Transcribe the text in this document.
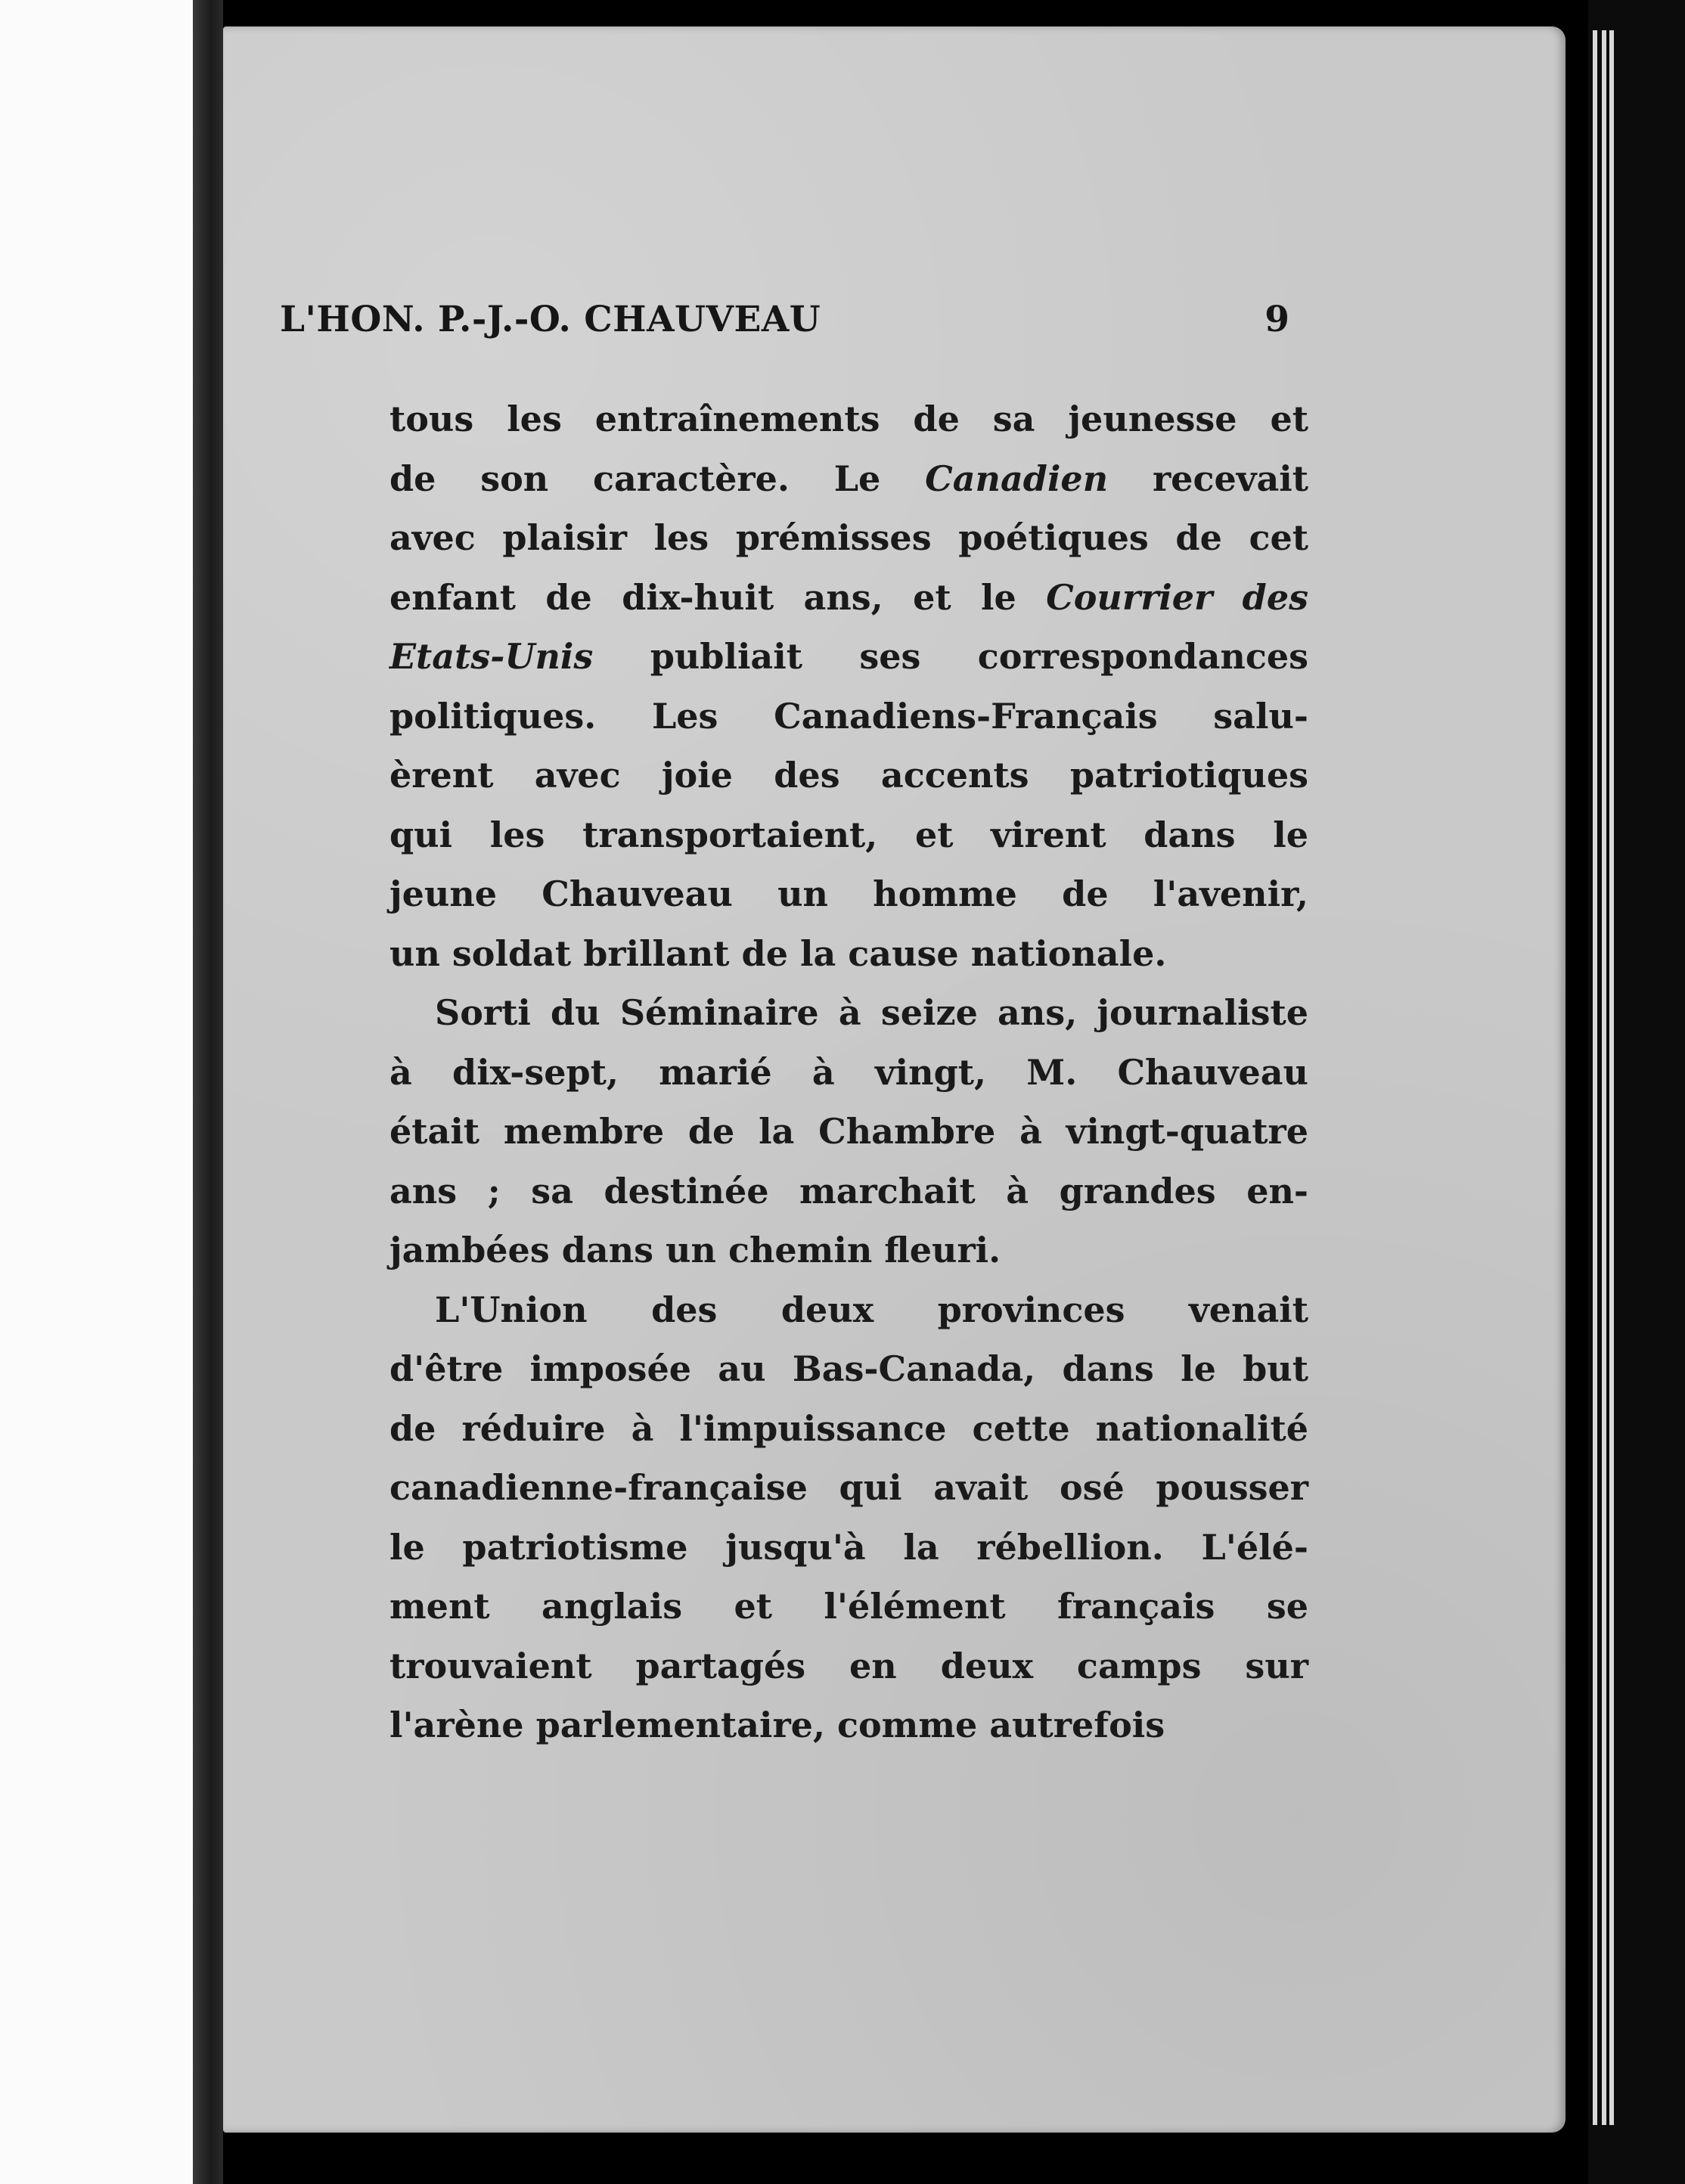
L'HON. P.-J.-O. CHAUVEAU	9
tous les entraînements de sa jeunesse et
de son caractère. Le Canadien recevait
avec plaisir les prémisses poétiques de cet
enfant de dix-huit ans, et le Courrier des
Etats-Unis publiait ses correspondances
politiques. Les Canadiens-Français salu-
èrent avec joie des accents patriotiques
qui les transportaient, et virent dans le
jeune Chauveau un homme de l'avenir,
un soldat brillant de la cause nationale.
Sorti du Séminaire à seize ans, journaliste
à dix-sept, marié à vingt, M. Chauveau
était membre de la Chambre à vingt-quatre
ans ; sa destinée marchait à grandes en-
jambées dans un chemin fleuri.
L'Union des deux provinces venait
d'être imposée au Bas-Canada, dans le but
de réduire à l'impuissance cette nationalité
canadienne-française qui avait osé pousser
le patriotisme jusqu'à la rébellion. L'élé-
ment anglais et l'élément français se
trouvaient partagés en deux camps sur
l'arène parlementaire, comme autrefois
